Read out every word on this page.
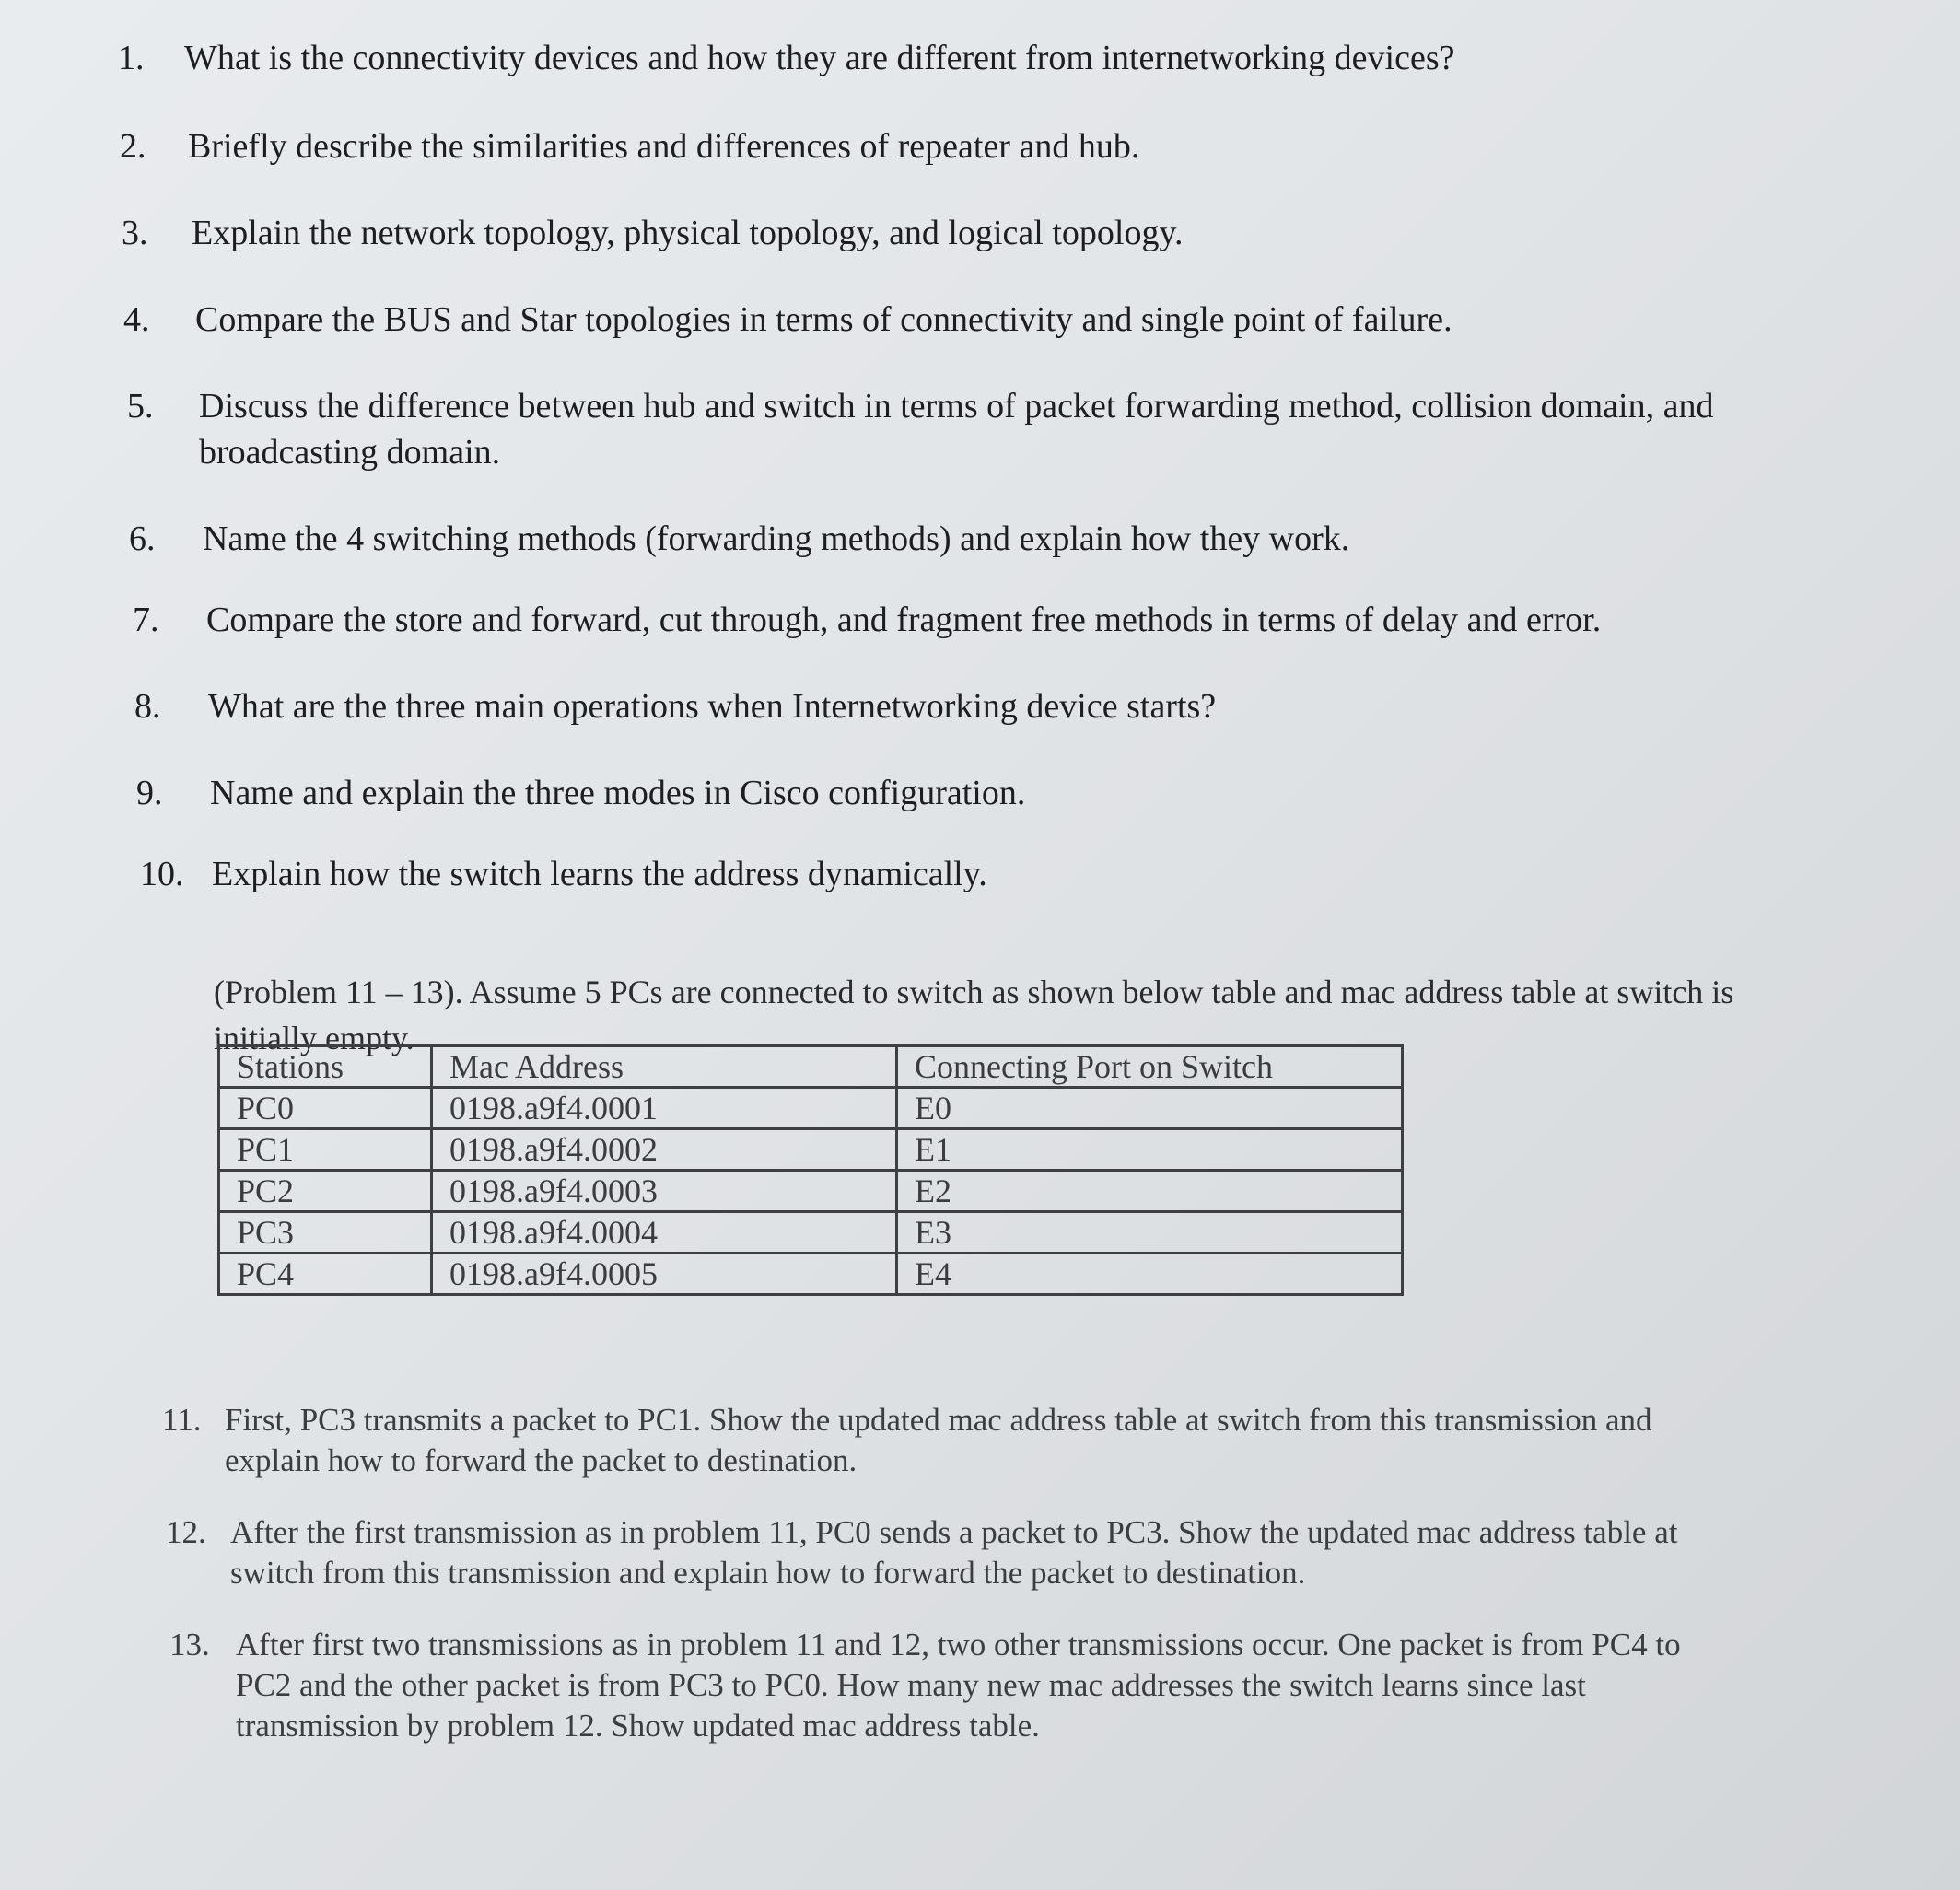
1. What is the connectivity devices and how they are different from internetworking devices?
2. Briefly describe the similarities and differences of repeater and hub.
3. Explain the network topology, physical topology, and logical topology.
4. Compare the BUS and Star topologies in terms of connectivity and single point of failure.
5. Discuss the difference between hub and switch in terms of packet forwarding method, collision domain, and broadcasting domain.
6. Name the 4 switching methods (forwarding methods) and explain how they work.
7. Compare the store and forward, cut through, and fragment free methods in terms of delay and error.
8. What are the three main operations when Internetworking device starts?
9. Name and explain the three modes in Cisco configuration.
10. Explain how the switch learns the address dynamically.
(Problem 11 – 13). Assume 5 PCs are connected to switch as shown below table and mac address table at switch is initially empty.
Stations	Mac Address	Connecting Port on Switch
PC0	0198.a9f4.0001	E0
PC1	0198.a9f4.0002	E1
PC2	0198.a9f4.0003	E2
PC3	0198.a9f4.0004	E3
PC4	0198.a9f4.0005	E4
11. First, PC3 transmits a packet to PC1. Show the updated mac address table at switch from this transmission and explain how to forward the packet to destination.
12. After the first transmission as in problem 11, PC0 sends a packet to PC3. Show the updated mac address table at switch from this transmission and explain how to forward the packet to destination.
13. After first two transmissions as in problem 11 and 12, two other transmissions occur. One packet is from PC4 to PC2 and the other packet is from PC3 to PC0. How many new mac addresses the switch learns since last transmission by problem 12. Show updated mac address table.
